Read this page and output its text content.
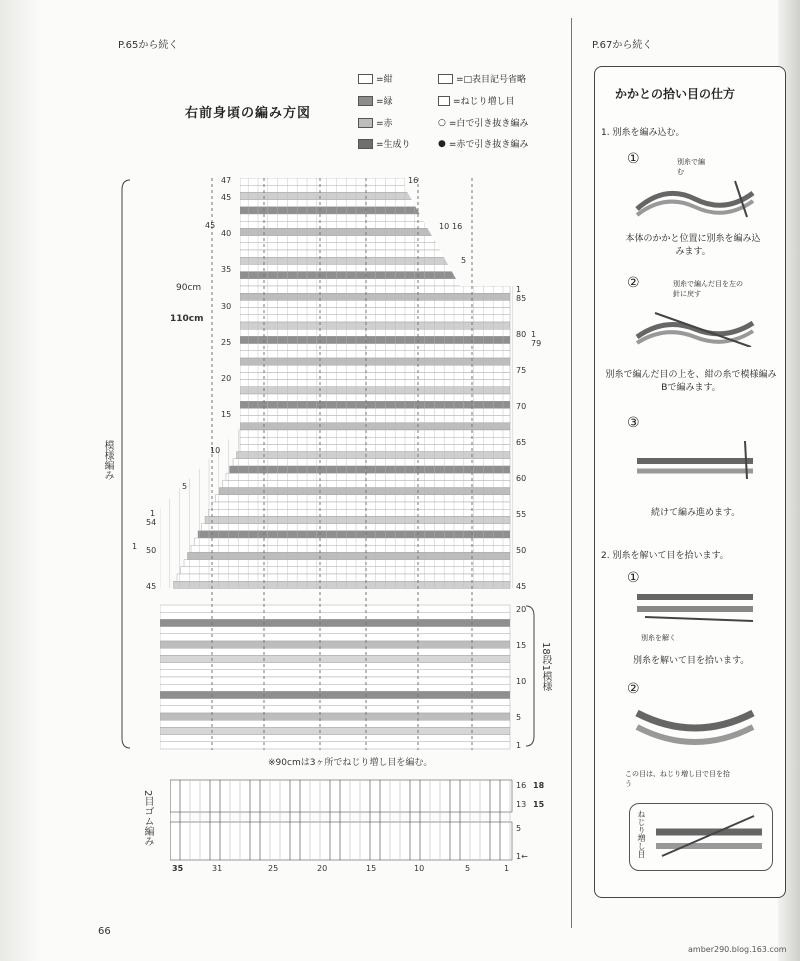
P.65から続く
右前身頃の編み方図
=紺
=緑
=赤
=生成り
=□表目記号省略
=ねじり増し目
○ =白で引き抜き編み
● =赤で引き抜き編み
模様編み
2目ゴム編み
47
45
40
35
30
25
20
15
10
5
1
54
50
45
45
1
90cm
110cm
16
10 16
5
1
85
80
75
70
65
60
55
50
45
20
15
10
5
1
1
79
18段1模様
※90cmは3ヶ所でねじり増し目を編む。
16 18
13 15
5
1←
35	31	25	20	15	10	5	1
66
P.67から続く
かかとの拾い目の仕方
1. 別糸を編み込む。
①	別糸で編む
本体のかかと位置に別糸を編み込みます。
②	別糸で編んだ目を左の針に戻す
別糸で編んだ目の上を、紺の糸で模様編みBで編みます。
③
続けて編み進めます。
2. 別糸を解いて目を拾います。
①
別糸を解く
別糸を解いて目を拾います。
②
この目は、ねじり増し目で目を拾う
ねじり増し目
amber290.blog.163.com
